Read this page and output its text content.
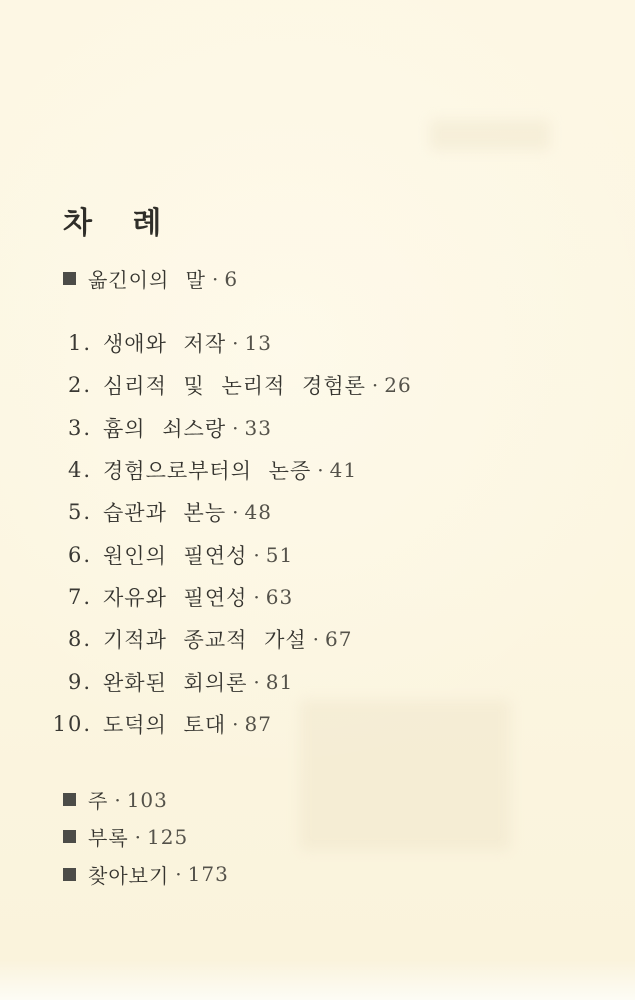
차 례
옮긴이의 말 · 6
1. 생애와 저작 · 13
2. 심리적 및 논리적 경험론 · 26
3. 흄의 쇠스랑 · 33
4. 경험으로부터의 논증 · 41
5. 습관과 본능 · 48
6. 원인의 필연성 · 51
7. 자유와 필연성 · 63
8. 기적과 종교적 가설 · 67
9. 완화된 회의론 · 81
10. 도덕의 토대 · 87
주 · 103
부록 · 125
찾아보기 · 173
